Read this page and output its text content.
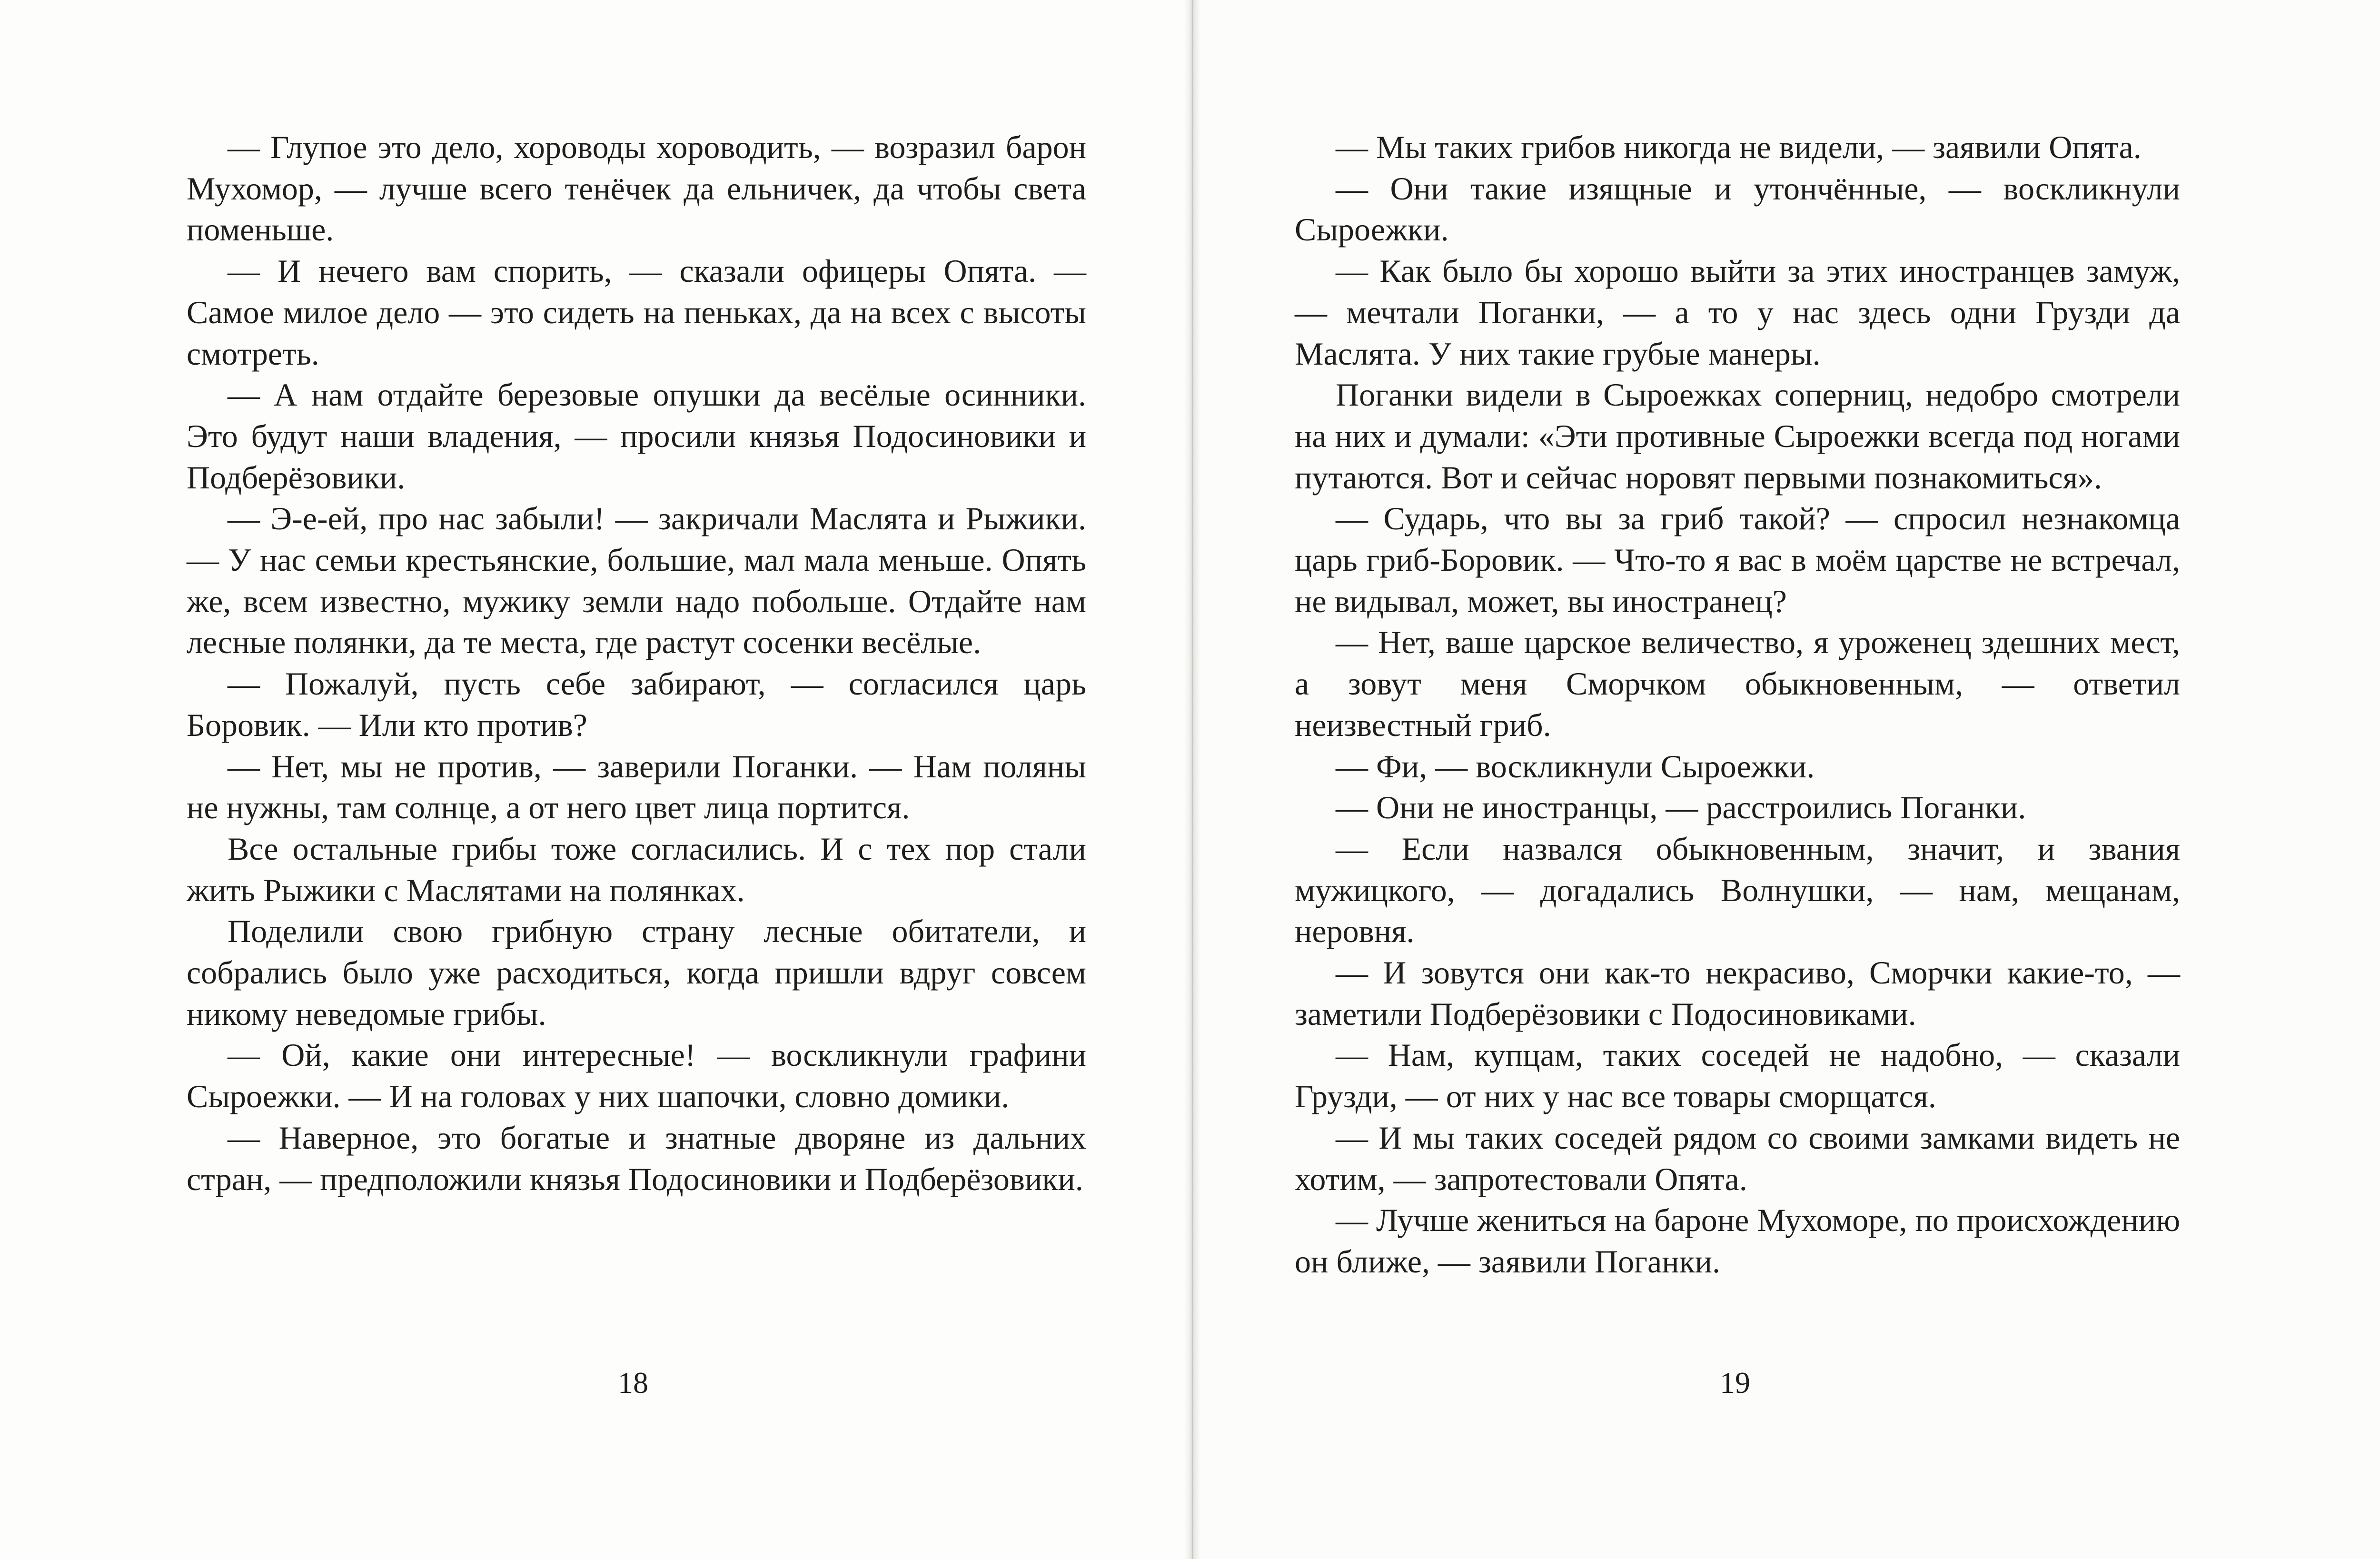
— Глупое это дело, хороводы хороводить, — возразил барон Мухомор, — лучше всего тенёчек да ельничек, да чтобы света поменьше.

— И нечего вам спорить, — сказали офицеры Опята. — Самое милое дело — это сидеть на пеньках, да на всех с высоты смотреть.

— А нам отдайте березовые опушки да весёлые осинники. Это будут наши владения, — просили князья Подосиновики и Подберёзовики.

— Э-е-ей, про нас забыли! — закричали Маслята и Рыжики. — У нас семьи крестьянские, большие, мал мала меньше. Опять же, всем известно, мужику земли надо побольше. Отдайте нам лесные полянки, да те места, где растут сосенки весёлые.

— Пожалуй, пусть себе забирают, — согласился царь Боровик. — Или кто против?

— Нет, мы не против, — заверили Поганки. — Нам поляны не нужны, там солнце, а от него цвет лица портится.

Все остальные грибы тоже согласились. И с тех пор стали жить Рыжики с Маслятами на полянках.

Поделили свою грибную страну лесные обитатели, и собрались было уже расходиться, когда пришли вдруг совсем никому неведомые грибы.

— Ой, какие они интересные! — воскликнули графини Сыроежки. — И на головах у них шапочки, словно домики.

— Наверное, это богатые и знатные дворяне из дальних стран, — предположили князья Подосиновики и Подберёзовики.

18

— Мы таких грибов никогда не видели, — заявили Опята.

— Они такие изящные и утончённые, — воскликнули Сыроежки.

— Как было бы хорошо выйти за этих иностранцев замуж, — мечтали Поганки, — а то у нас здесь одни Грузди да Маслята. У них такие грубые манеры.

Поганки видели в Сыроежках соперниц, недобро смотрели на них и думали: «Эти противные Сыроежки всегда под ногами путаются. Вот и сейчас норовят первыми познакомиться».

— Сударь, что вы за гриб такой? — спросил незнакомца царь гриб-Боровик. — Что-то я вас в моём царстве не встречал, не видывал, может, вы иностранец?

— Нет, ваше царское величество, я уроженец здешних мест, а зовут меня Сморчком обыкновенным, — ответил неизвестный гриб.

— Фи, — воскликнули Сыроежки.

— Они не иностранцы, — расстроились Поганки.

— Если назвался обыкновенным, значит, и звания мужицкого, — догадались Волнушки, — нам, мещанам, неровня.

— И зовутся они как-то некрасиво, Сморчки какие-то, — заметили Подберёзовики с Подосиновиками.

— Нам, купцам, таких соседей не надобно, — сказали Грузди, — от них у нас все товары сморщатся.

— И мы таких соседей рядом со своими замками видеть не хотим, — запротестовали Опята.

— Лучше жениться на бароне Мухоморе, по происхождению он ближе, — заявили Поганки.

19
